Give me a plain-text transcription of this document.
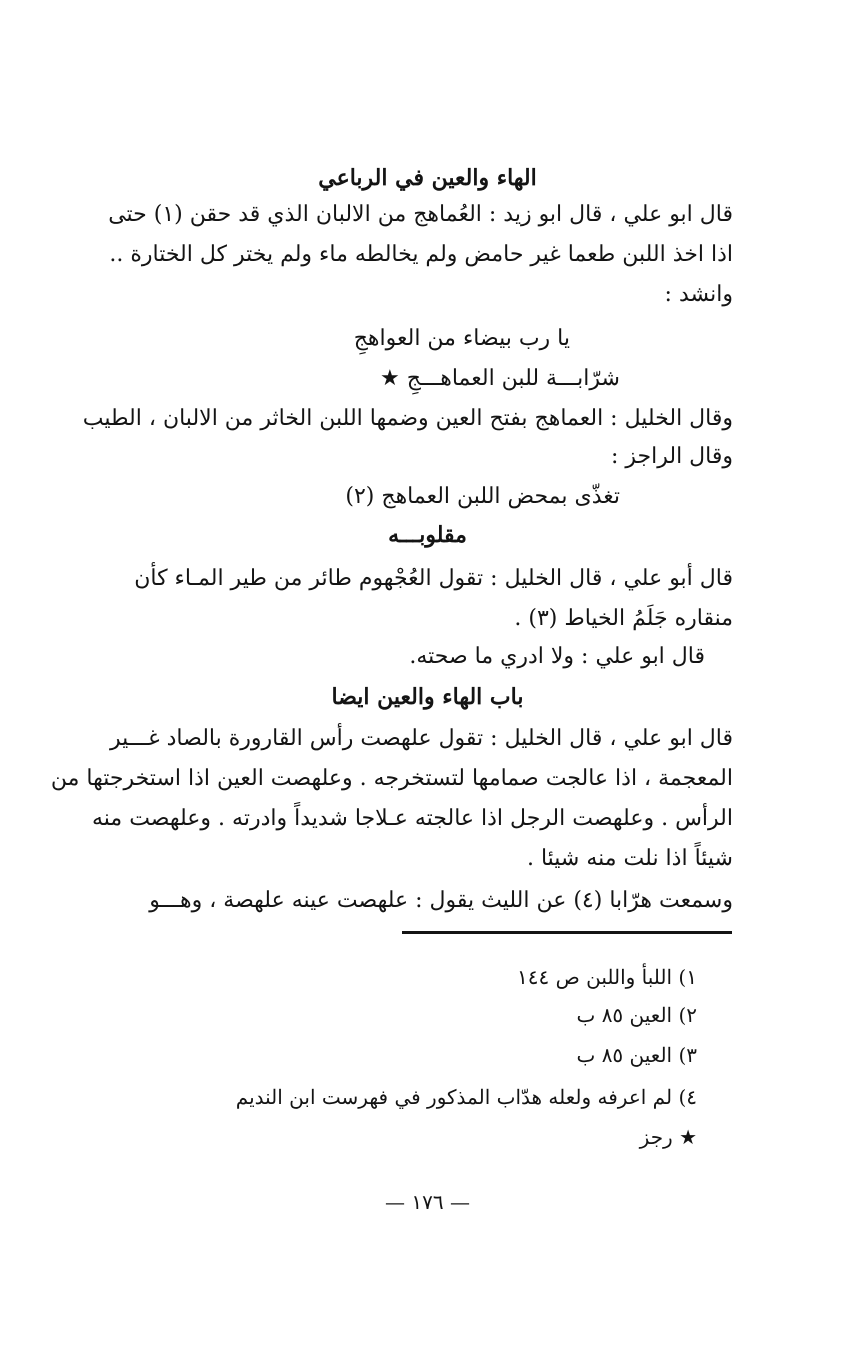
الهاء والعين في الرباعي
قال ابو علي ، قال ابو زيد : العُماهج من الالبان الذي قد حقن (١) حتى
اذا اخذ اللبن طعما غير حامض ولم يخالطه ماء ولم يختر كل الختارة ..
وانشد :
يا رب بيضاء من العواهجِ
شرّابـــة للبن العماهـــجِ ★
وقال الخليل : العماهج بفتح العين وضمها اللبن الخاثر من الالبان ، الطيب
وقال الراجز :
تغذّى بمحض اللبن العماهج (٢)
مقلوبـــه
قال أبو علي ، قال الخليل : تقول العُجْهوم طائر من طير المـاء كأن
منقاره جَلَمُ الخياط (٣) .
قال ابو علي : ولا ادري ما صحته.
باب الهاء والعين ايضا
قال ابو علي ، قال الخليل : تقول علهصت رأس القارورة بالصاد غـــير
المعجمة ، اذا عالجت صمامها لتستخرجه . وعلهصت العين اذا استخرجتها من
الرأس . وعلهصت الرجل اذا عالجته عـلاجا شديداً وادرته . وعلهصت منه
شيئاً اذا نلت منه شيئا .
وسمعت هرّابا (٤) عن الليث يقول : علهصت عينه علهصة ، وهـــو
١) اللبأ واللبن ص ١٤٤
٢) العين ٨٥ ب
٣) العين ٨٥ ب
٤) لم اعرفه ولعله هدّاب المذكور في فهرست ابن النديم
★ رجز
— ١٧٦ —
